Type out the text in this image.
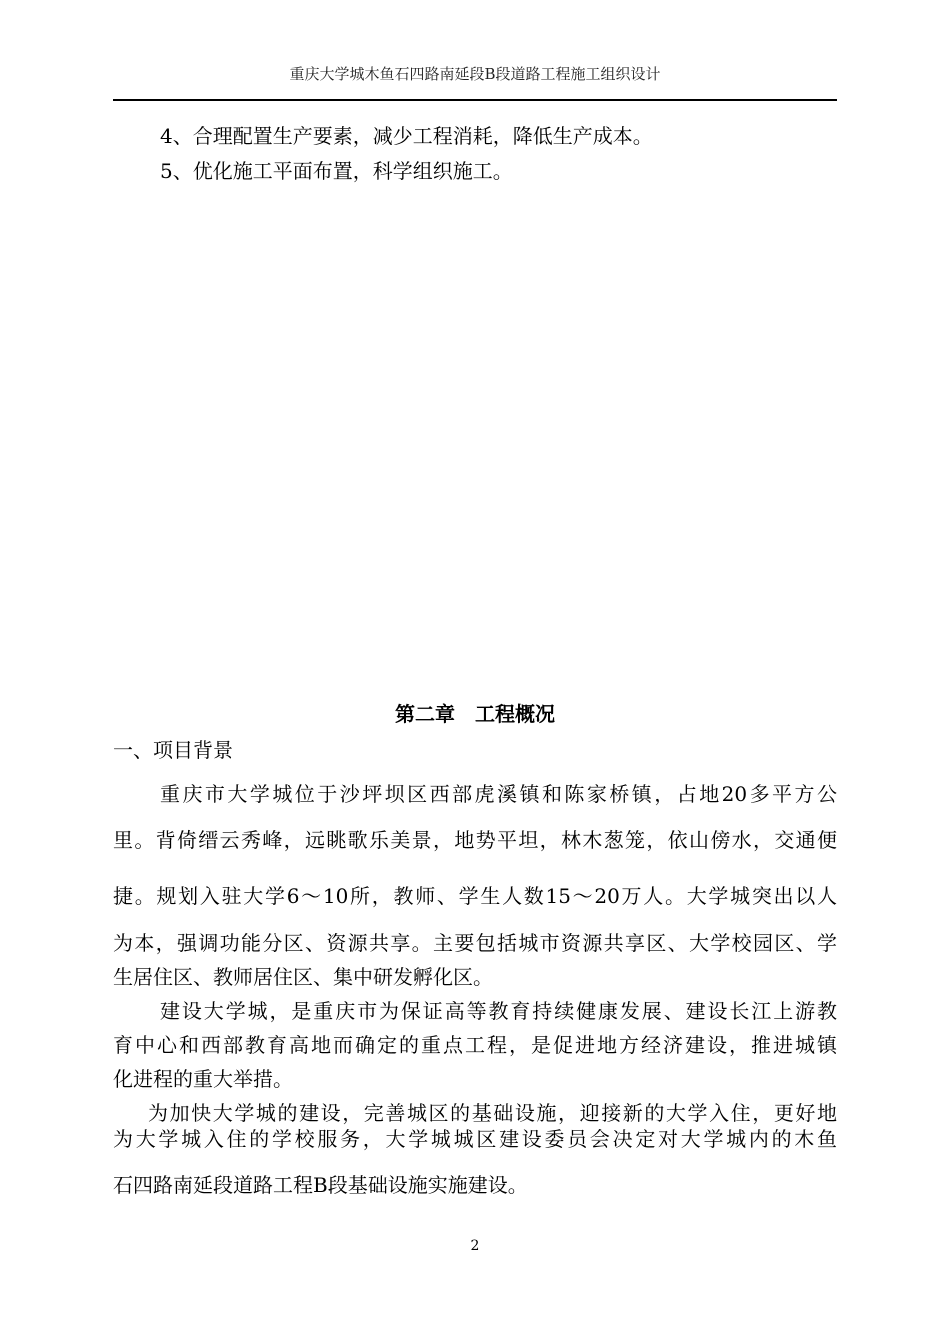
重庆大学城木鱼石四路南延段B段道路工程施工组织设计
4、合理配置生产要素，减少工程消耗，降低生产成本。
5、优化施工平面布置，科学组织施工。
第二章　工程概况
一、项目背景
重庆市大学城位于沙坪坝区西部虎溪镇和陈家桥镇，占地20多平方公
里。背倚缙云秀峰，远眺歌乐美景，地势平坦，林木葱笼，依山傍水，交通便
捷。规划入驻大学6～10所，教师、学生人数15～20万人。大学城突出以人
为本，强调功能分区、资源共享。主要包括城市资源共享区、大学校园区、学
生居住区、教师居住区、集中研发孵化区。
建设大学城，是重庆市为保证高等教育持续健康发展、建设长江上游教
育中心和西部教育高地而确定的重点工程，是促进地方经济建设，推进城镇
化进程的重大举措。
为加快大学城的建设，完善城区的基础设施，迎接新的大学入住，更好地
为大学城入住的学校服务，大学城城区建设委员会决定对大学城内的木鱼
石四路南延段道路工程B段基础设施实施建设。
2
